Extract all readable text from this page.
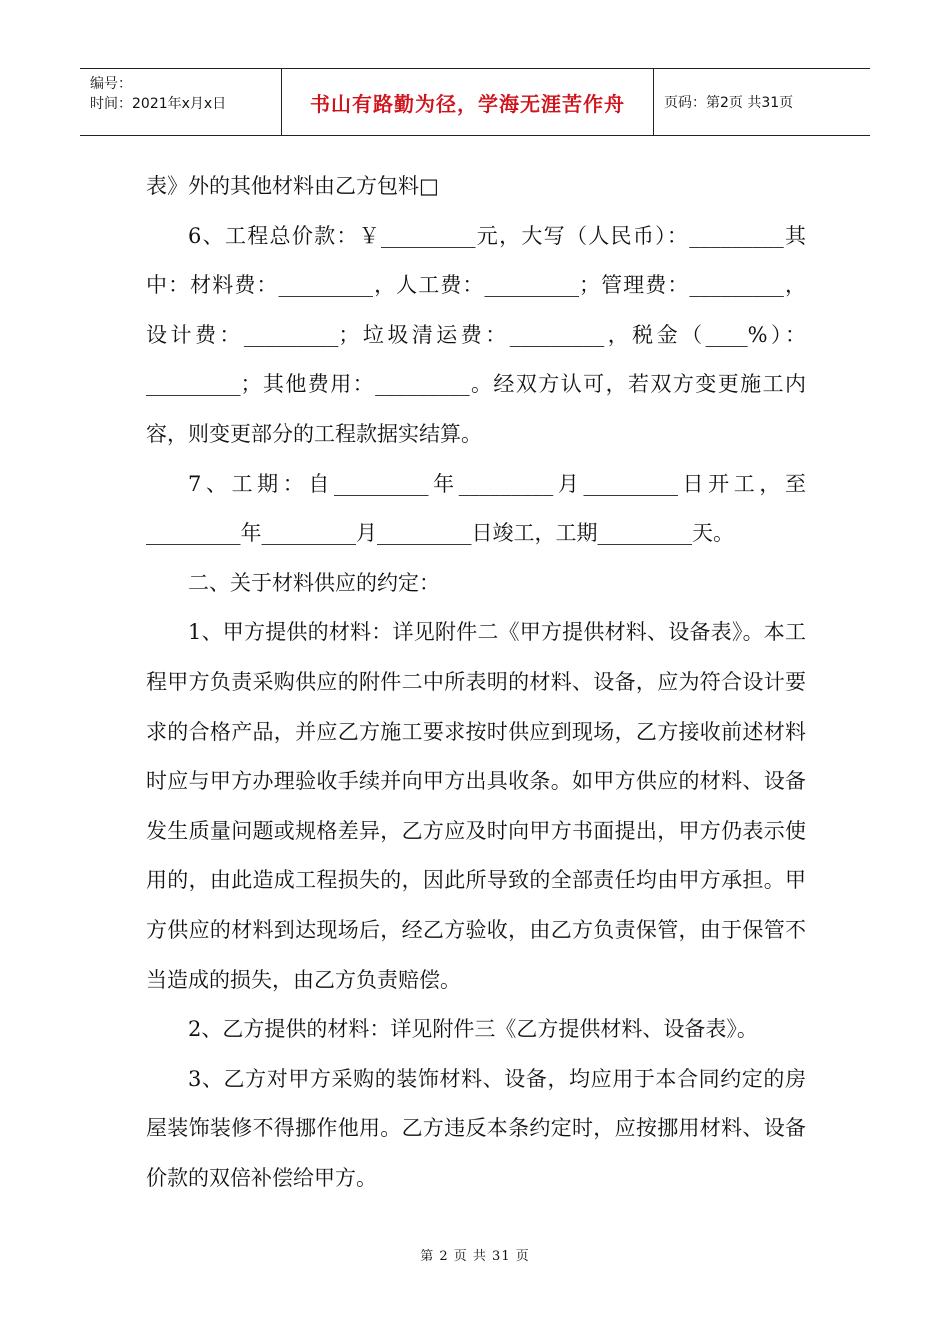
编号：
时间：2021年x月x日	书山有路勤为径，学海无涯苦作舟	页码：第2页 共31页

表》外的其他材料由乙方包料□

6、工程总价款：￥_________元，大写（人民币）：_________其中：材料费：_________，人工费：_________；管理费：_________，设计费：_________；垃圾清运费：_________，税金（____%）：_________；其他费用：_________。经双方认可，若双方变更施工内容，则变更部分的工程款据实结算。

7、工期：自_________年_________月_________日开工，至_________年_________月_________日竣工，工期_________天。

二、关于材料供应的约定：

1、甲方提供的材料：详见附件二《甲方提供材料、设备表》。本工程甲方负责采购供应的附件二中所表明的材料、设备，应为符合设计要求的合格产品，并应乙方施工要求按时供应到现场，乙方接收前述材料时应与甲方办理验收手续并向甲方出具收条。如甲方供应的材料、设备发生质量问题或规格差异，乙方应及时向甲方书面提出，甲方仍表示使用的，由此造成工程损失的，因此所导致的全部责任均由甲方承担。甲方供应的材料到达现场后，经乙方验收，由乙方负责保管，由于保管不当造成的损失，由乙方负责赔偿。

2、乙方提供的材料：详见附件三《乙方提供材料、设备表》。

3、乙方对甲方采购的装饰材料、设备，均应用于本合同约定的房屋装饰装修不得挪作他用。乙方违反本条约定时，应按挪用材料、设备价款的双倍补偿给甲方。

第 2 页 共 31 页
